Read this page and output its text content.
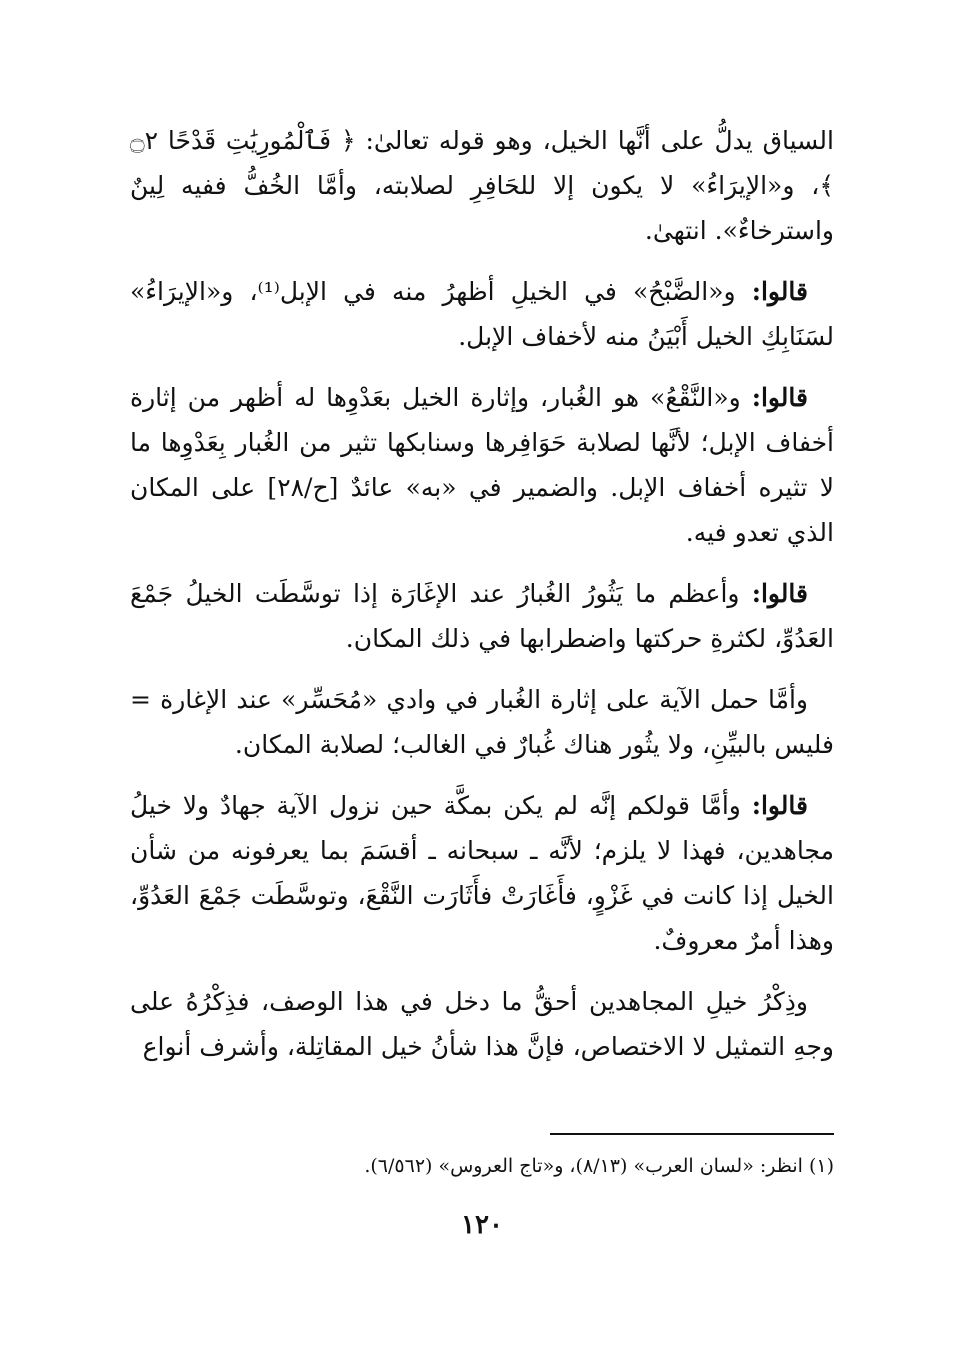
السياق يدلُّ على أنَّها الخيل، وهو قوله تعالىٰ: ﴿ فَٱلْمُورِيَٰتِ قَدْحًا ۝٢ ﴾، و«الإيرَاءُ» لا يكون إلا للحَافِرِ لصلابته، وأمَّا الخُفُّ ففيه لِينٌ واسترخاءٌ». انتهىٰ.

قالوا: و«الضَّبْحُ» في الخيلِ أظهرُ منه في الإبل⁽¹⁾، و«الإيرَاءُ» لسَنَابِكِ الخيل أَبْيَنُ منه لأخفاف الإبل.

قالوا: و«النَّقْعُ» هو الغُبار، وإثارة الخيل بعَدْوِها له أظهر من إثارة أخفاف الإبل؛ لأنَّها لصلابة حَوَافِرها وسنابكها تثير من الغُبار بِعَدْوِها ما لا تثيره أخفاف الإبل. والضمير في «به» عائدٌ [ح/٢٨] على المكان الذي تعدو فيه.

قالوا: وأعظم ما يَثُورُ الغُبارُ عند الإغَارَة إذا توسَّطَت الخيلُ جَمْعَ العَدُوِّ، لكثرةِ حركتها واضطرابها في ذلك المكان.

وأمَّا حمل الآية على إثارة الغُبار في وادي «مُحَسِّر» عند الإغارة = فليس بالبيِّنِ، ولا يثُور هناك غُبارٌ في الغالب؛ لصلابة المكان.

قالوا: وأمَّا قولكم إنَّه لم يكن بمكَّة حين نزول الآية جهادٌ ولا خيلُ مجاهدين، فهذا لا يلزم؛ لأنَّه ـ سبحانه ـ أقسَمَ بما يعرفونه من شأن الخيل إذا كانت في غَزْوٍ، فأَغَارَتْ فأَثَارَت النَّقْعَ، وتوسَّطَت جَمْعَ العَدُوِّ، وهذا أمرٌ معروفٌ.

وذِكْرُ خيلِ المجاهدين أحقُّ ما دخل في هذا الوصف، فذِكْرُهُ على وجهِ التمثيل لا الاختصاص، فإنَّ هذا شأنُ خيل المقاتِلة، وأشرف أنواع

(١) انظر: «لسان العرب» (٨/١٣)، و«تاج العروس» (٦/٥٦٢).
١٢٠
